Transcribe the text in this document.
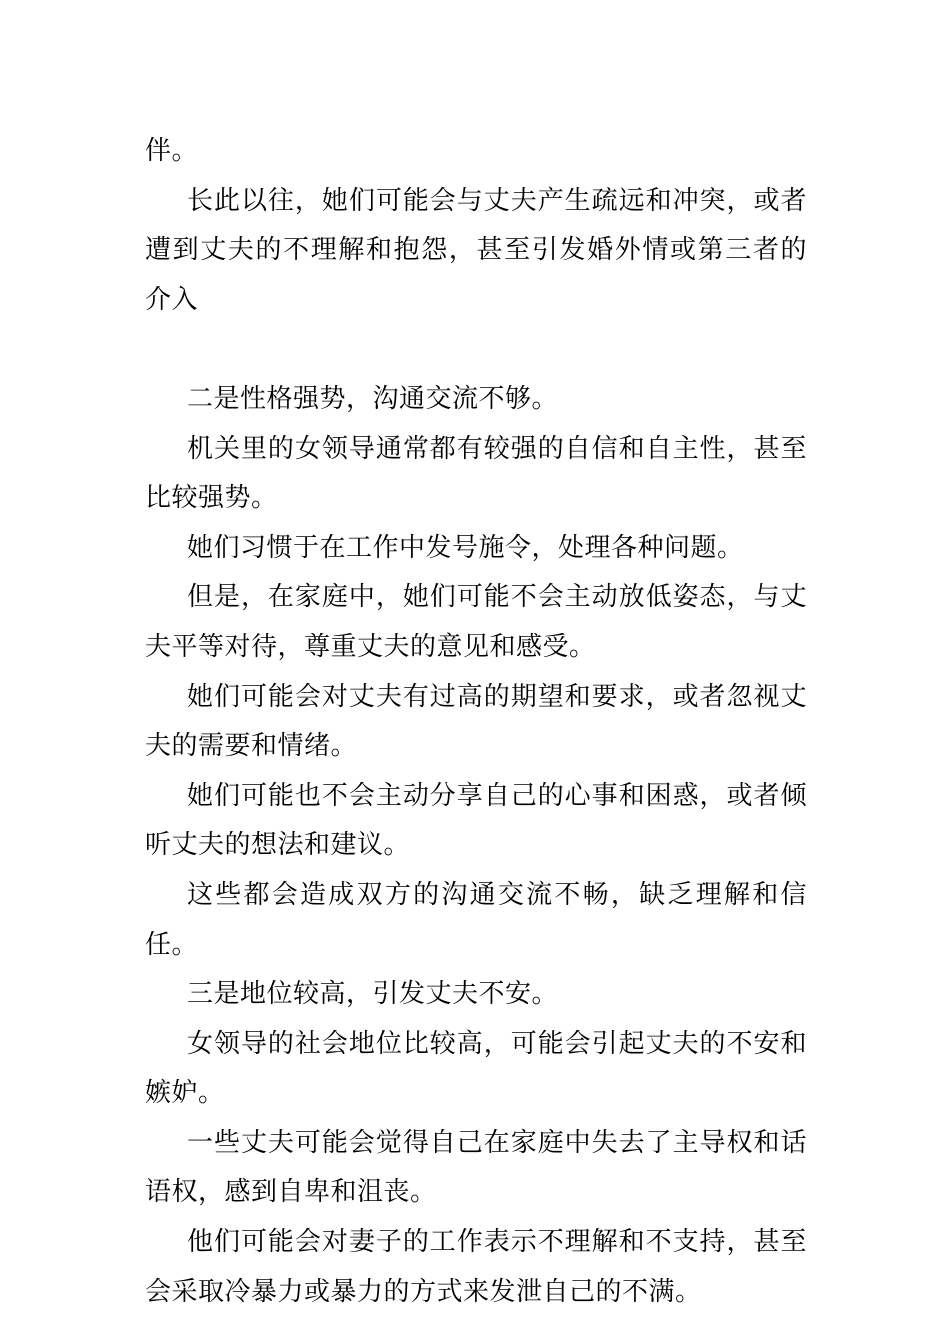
伴。

长此以往，她们可能会与丈夫产生疏远和冲突，或者遭到丈夫的不理解和抱怨，甚至引发婚外情或第三者的介入

二是性格强势，沟通交流不够。

机关里的女领导通常都有较强的自信和自主性，甚至比较强势。

她们习惯于在工作中发号施令，处理各种问题。

但是，在家庭中，她们可能不会主动放低姿态，与丈夫平等对待，尊重丈夫的意见和感受。

她们可能会对丈夫有过高的期望和要求，或者忽视丈夫的需要和情绪。

她们可能也不会主动分享自己的心事和困惑，或者倾听丈夫的想法和建议。

这些都会造成双方的沟通交流不畅，缺乏理解和信任。

三是地位较高，引发丈夫不安。

女领导的社会地位比较高，可能会引起丈夫的不安和嫉妒。

一些丈夫可能会觉得自己在家庭中失去了主导权和话语权，感到自卑和沮丧。

他们可能会对妻子的工作表示不理解和不支持，甚至会采取冷暴力或暴力的方式来发泄自己的不满。
